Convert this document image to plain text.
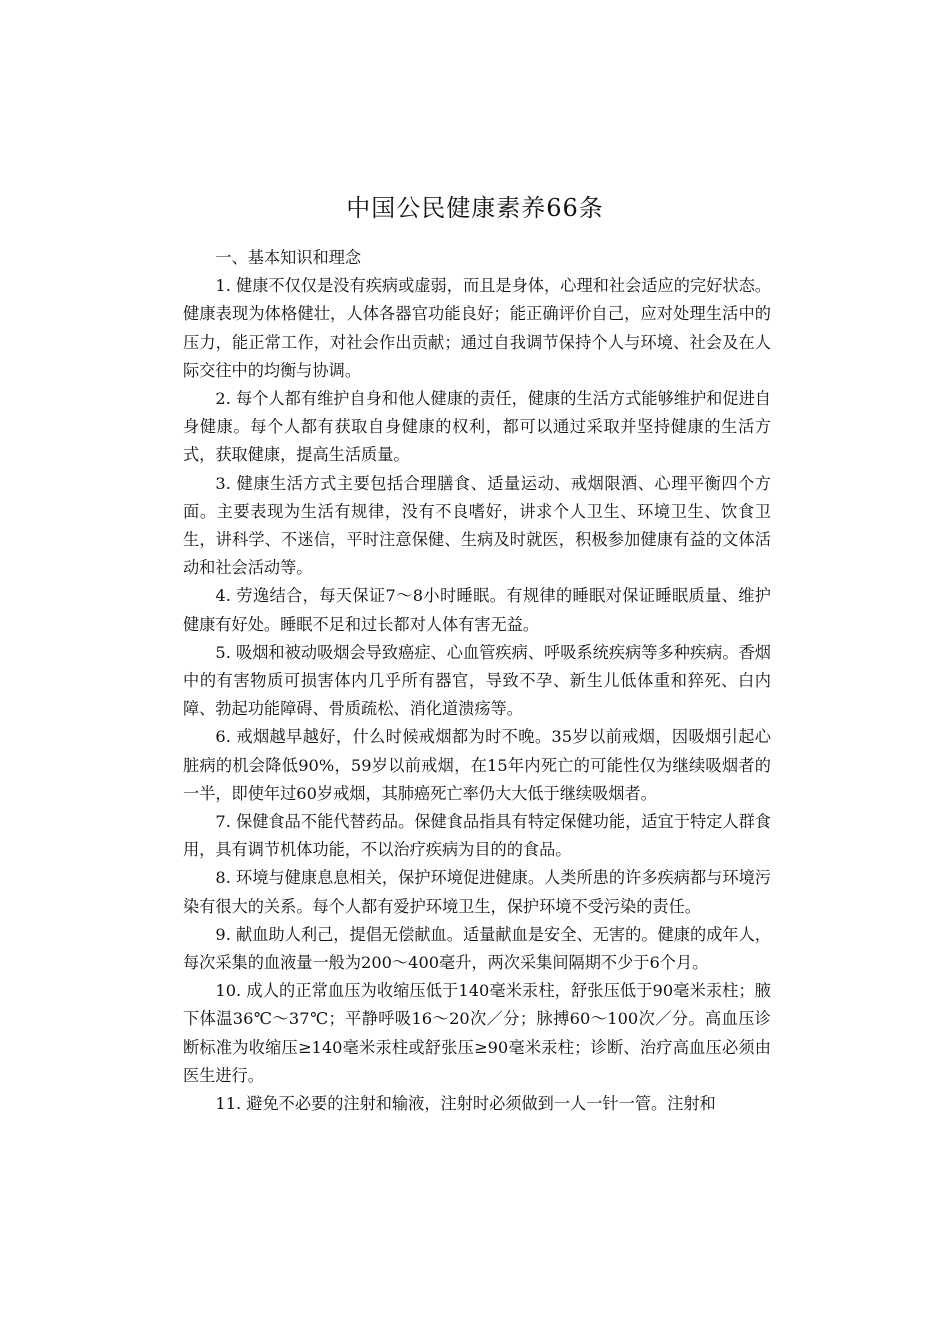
中国公民健康素养66条

一、基本知识和理念

1. 健康不仅仅是没有疾病或虚弱，而且是身体，心理和社会适应的完好状态。健康表现为体格健壮，人体各器官功能良好；能正确评价自己，应对处理生活中的压力，能正常工作，对社会作出贡献；通过自我调节保持个人与环境、社会及在人际交往中的均衡与协调。

2. 每个人都有维护自身和他人健康的责任，健康的生活方式能够维护和促进自身健康。每个人都有获取自身健康的权利，都可以通过采取并坚持健康的生活方式，获取健康，提高生活质量。

3. 健康生活方式主要包括合理膳食、适量运动、戒烟限酒、心理平衡四个方面。主要表现为生活有规律，没有不良嗜好，讲求个人卫生、环境卫生、饮食卫生，讲科学、不迷信，平时注意保健、生病及时就医，积极参加健康有益的文体活动和社会活动等。

4. 劳逸结合，每天保证7～8小时睡眠。有规律的睡眠对保证睡眠质量、维护健康有好处。睡眠不足和过长都对人体有害无益。

5. 吸烟和被动吸烟会导致癌症、心血管疾病、呼吸系统疾病等多种疾病。香烟中的有害物质可损害体内几乎所有器官，导致不孕、新生儿低体重和猝死、白内障、勃起功能障碍、骨质疏松、消化道溃疡等。

6. 戒烟越早越好，什么时候戒烟都为时不晚。35岁以前戒烟，因吸烟引起心脏病的机会降低90%，59岁以前戒烟，在15年内死亡的可能性仅为继续吸烟者的一半，即使年过60岁戒烟，其肺癌死亡率仍大大低于继续吸烟者。

7. 保健食品不能代替药品。保健食品指具有特定保健功能，适宜于特定人群食用，具有调节机体功能，不以治疗疾病为目的的食品。

8. 环境与健康息息相关，保护环境促进健康。人类所患的许多疾病都与环境污染有很大的关系。每个人都有爱护环境卫生，保护环境不受污染的责任。

9. 献血助人利己，提倡无偿献血。适量献血是安全、无害的。健康的成年人，每次采集的血液量一般为200～400毫升，两次采集间隔期不少于6个月。

10. 成人的正常血压为收缩压低于140毫米汞柱，舒张压低于90毫米汞柱；腋下体温36℃～37℃；平静呼吸16～20次／分；脉搏60～100次／分。高血压诊断标准为收缩压≥140毫米汞柱或舒张压≥90毫米汞柱；诊断、治疗高血压必须由医生进行。

11. 避免不必要的注射和输液，注射时必须做到一人一针一管。注射和
